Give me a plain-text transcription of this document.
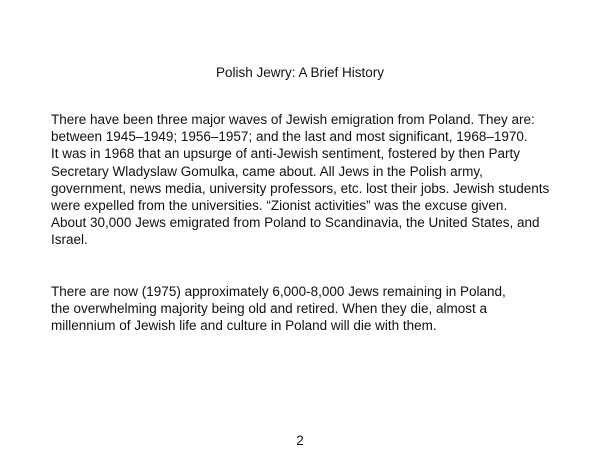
Polish Jewry: A Brief History
There have been three major waves of Jewish emigration from Poland. They are:
between 1945–1949; 1956–1957; and the last and most significant, 1968–1970.
It was in 1968 that an upsurge of anti-Jewish sentiment, fostered by then Party
Secretary Wladyslaw Gomulka, came about. All Jews in the Polish army,
government, news media, university professors, etc. lost their jobs. Jewish students
were expelled from the universities. “Zionist activities” was the excuse given.
About 30,000 Jews emigrated from Poland to Scandinavia, the United States, and
Israel.
There are now (1975) approximately 6,000-8,000 Jews remaining in Poland,
the overwhelming majority being old and retired. When they die, almost a
millennium of Jewish life and culture in Poland will die with them.
2
